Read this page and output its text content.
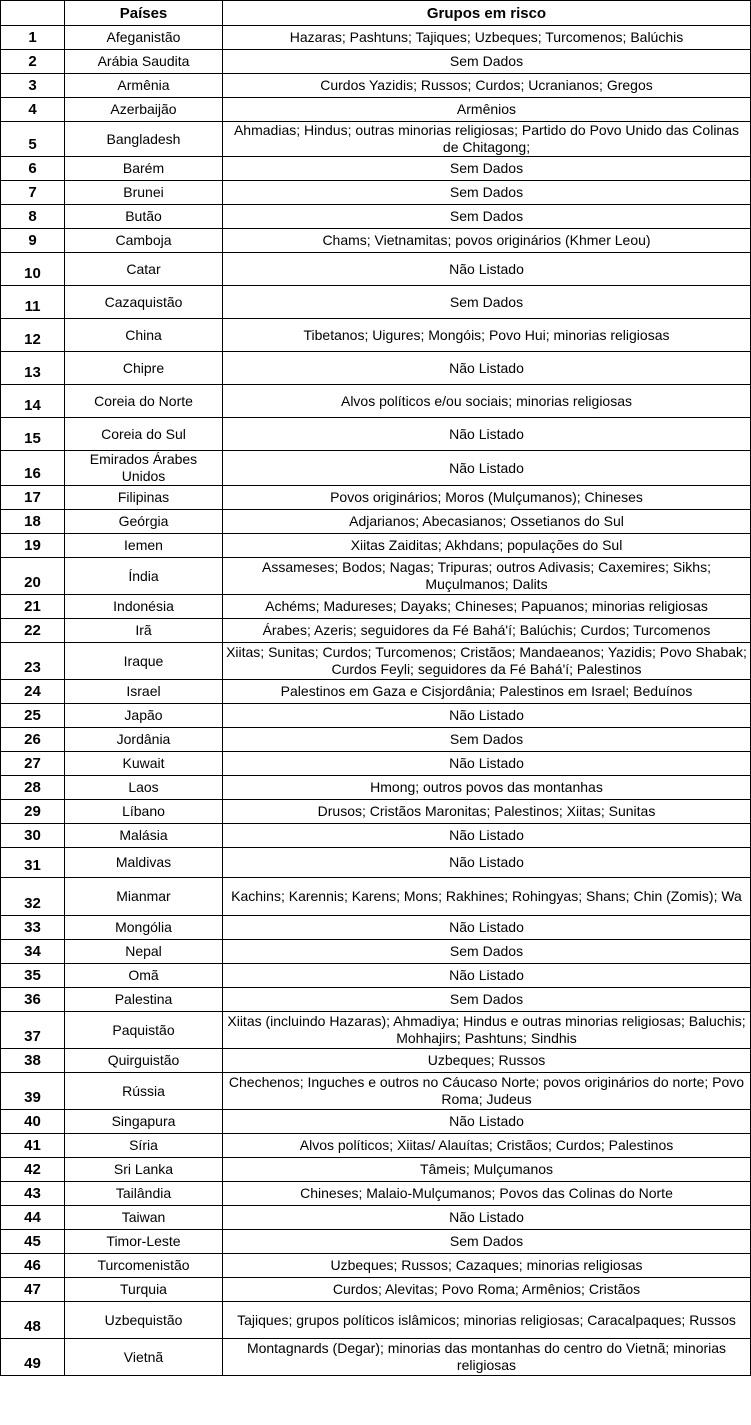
	Países	Grupos em risco
1	Afeganistão	Hazaras; Pashtuns; Tajiques; Uzbeques; Turcomenos; Balúchis
2	Arábia Saudita	Sem Dados
3	Armênia	Curdos Yazidis; Russos; Curdos; Ucranianos; Gregos
4	Azerbaijão	Armênios
5	Bangladesh	Ahmadias; Hindus; outras minorias religiosas; Partido do Povo Unido das Colinas de Chitagong;
6	Barém	Sem Dados
7	Brunei	Sem Dados
8	Butão	Sem Dados
9	Camboja	Chams; Vietnamitas; povos originários (Khmer Leou)
10	Catar	Não Listado
11	Cazaquistão	Sem Dados
12	China	Tibetanos; Uigures; Mongóis; Povo Hui; minorias religiosas
13	Chipre	Não Listado
14	Coreia do Norte	Alvos políticos e/ou sociais; minorias religiosas
15	Coreia do Sul	Não Listado
16	Emirados Árabes Unidos	Não Listado
17	Filipinas	Povos originários; Moros (Mulçumanos); Chineses
18	Geórgia	Adjarianos; Abecasianos; Ossetianos do Sul
19	Iemen	Xiitas Zaiditas; Akhdans; populações do Sul
20	Índia	Assameses; Bodos; Nagas; Tripuras; outros Adivasis; Caxemires; Sikhs; Muçulmanos; Dalits
21	Indonésia	Achéms; Madureses; Dayaks; Chineses; Papuanos; minorias religiosas
22	Irã	Árabes; Azeris; seguidores da Fé Bahá'í; Balúchis; Curdos; Turcomenos
23	Iraque	Xiitas; Sunitas; Curdos; Turcomenos; Cristãos; Mandaeanos; Yazidis; Povo Shabak; Curdos Feyli; seguidores da Fé Bahá'í; Palestinos
24	Israel	Palestinos em Gaza e Cisjordânia; Palestinos em Israel; Beduínos
25	Japão	Não Listado
26	Jordânia	Sem Dados
27	Kuwait	Não Listado
28	Laos	Hmong; outros povos das montanhas
29	Líbano	Drusos; Cristãos Maronitas; Palestinos; Xiitas; Sunitas
30	Malásia	Não Listado
31	Maldivas	Não Listado
32	Mianmar	Kachins; Karennis; Karens; Mons; Rakhines; Rohingyas; Shans; Chin (Zomis); Wa
33	Mongólia	Não Listado
34	Nepal	Sem Dados
35	Omã	Não Listado
36	Palestina	Sem Dados
37	Paquistão	Xiitas (incluindo Hazaras); Ahmadiya; Hindus e outras minorias religiosas; Baluchis; Mohhajirs; Pashtuns; Sindhis
38	Quirguistão	Uzbeques; Russos
39	Rússia	Chechenos; Inguches e outros no Cáucaso Norte; povos originários do norte; Povo Roma; Judeus
40	Singapura	Não Listado
41	Síria	Alvos políticos; Xiitas/ Alauítas; Cristãos; Curdos; Palestinos
42	Sri Lanka	Tâmeis; Mulçumanos
43	Tailândia	Chineses; Malaio-Mulçumanos; Povos das Colinas do Norte
44	Taiwan	Não Listado
45	Timor-Leste	Sem Dados
46	Turcomenistão	Uzbeques; Russos; Cazaques; minorias religiosas
47	Turquia	Curdos; Alevitas; Povo Roma; Armênios; Cristãos
48	Uzbequistão	Tajiques; grupos políticos islâmicos; minorias religiosas; Caracalpaques; Russos
49	Vietnã	Montagnards (Degar); minorias das montanhas do centro do Vietnã; minorias religiosas
